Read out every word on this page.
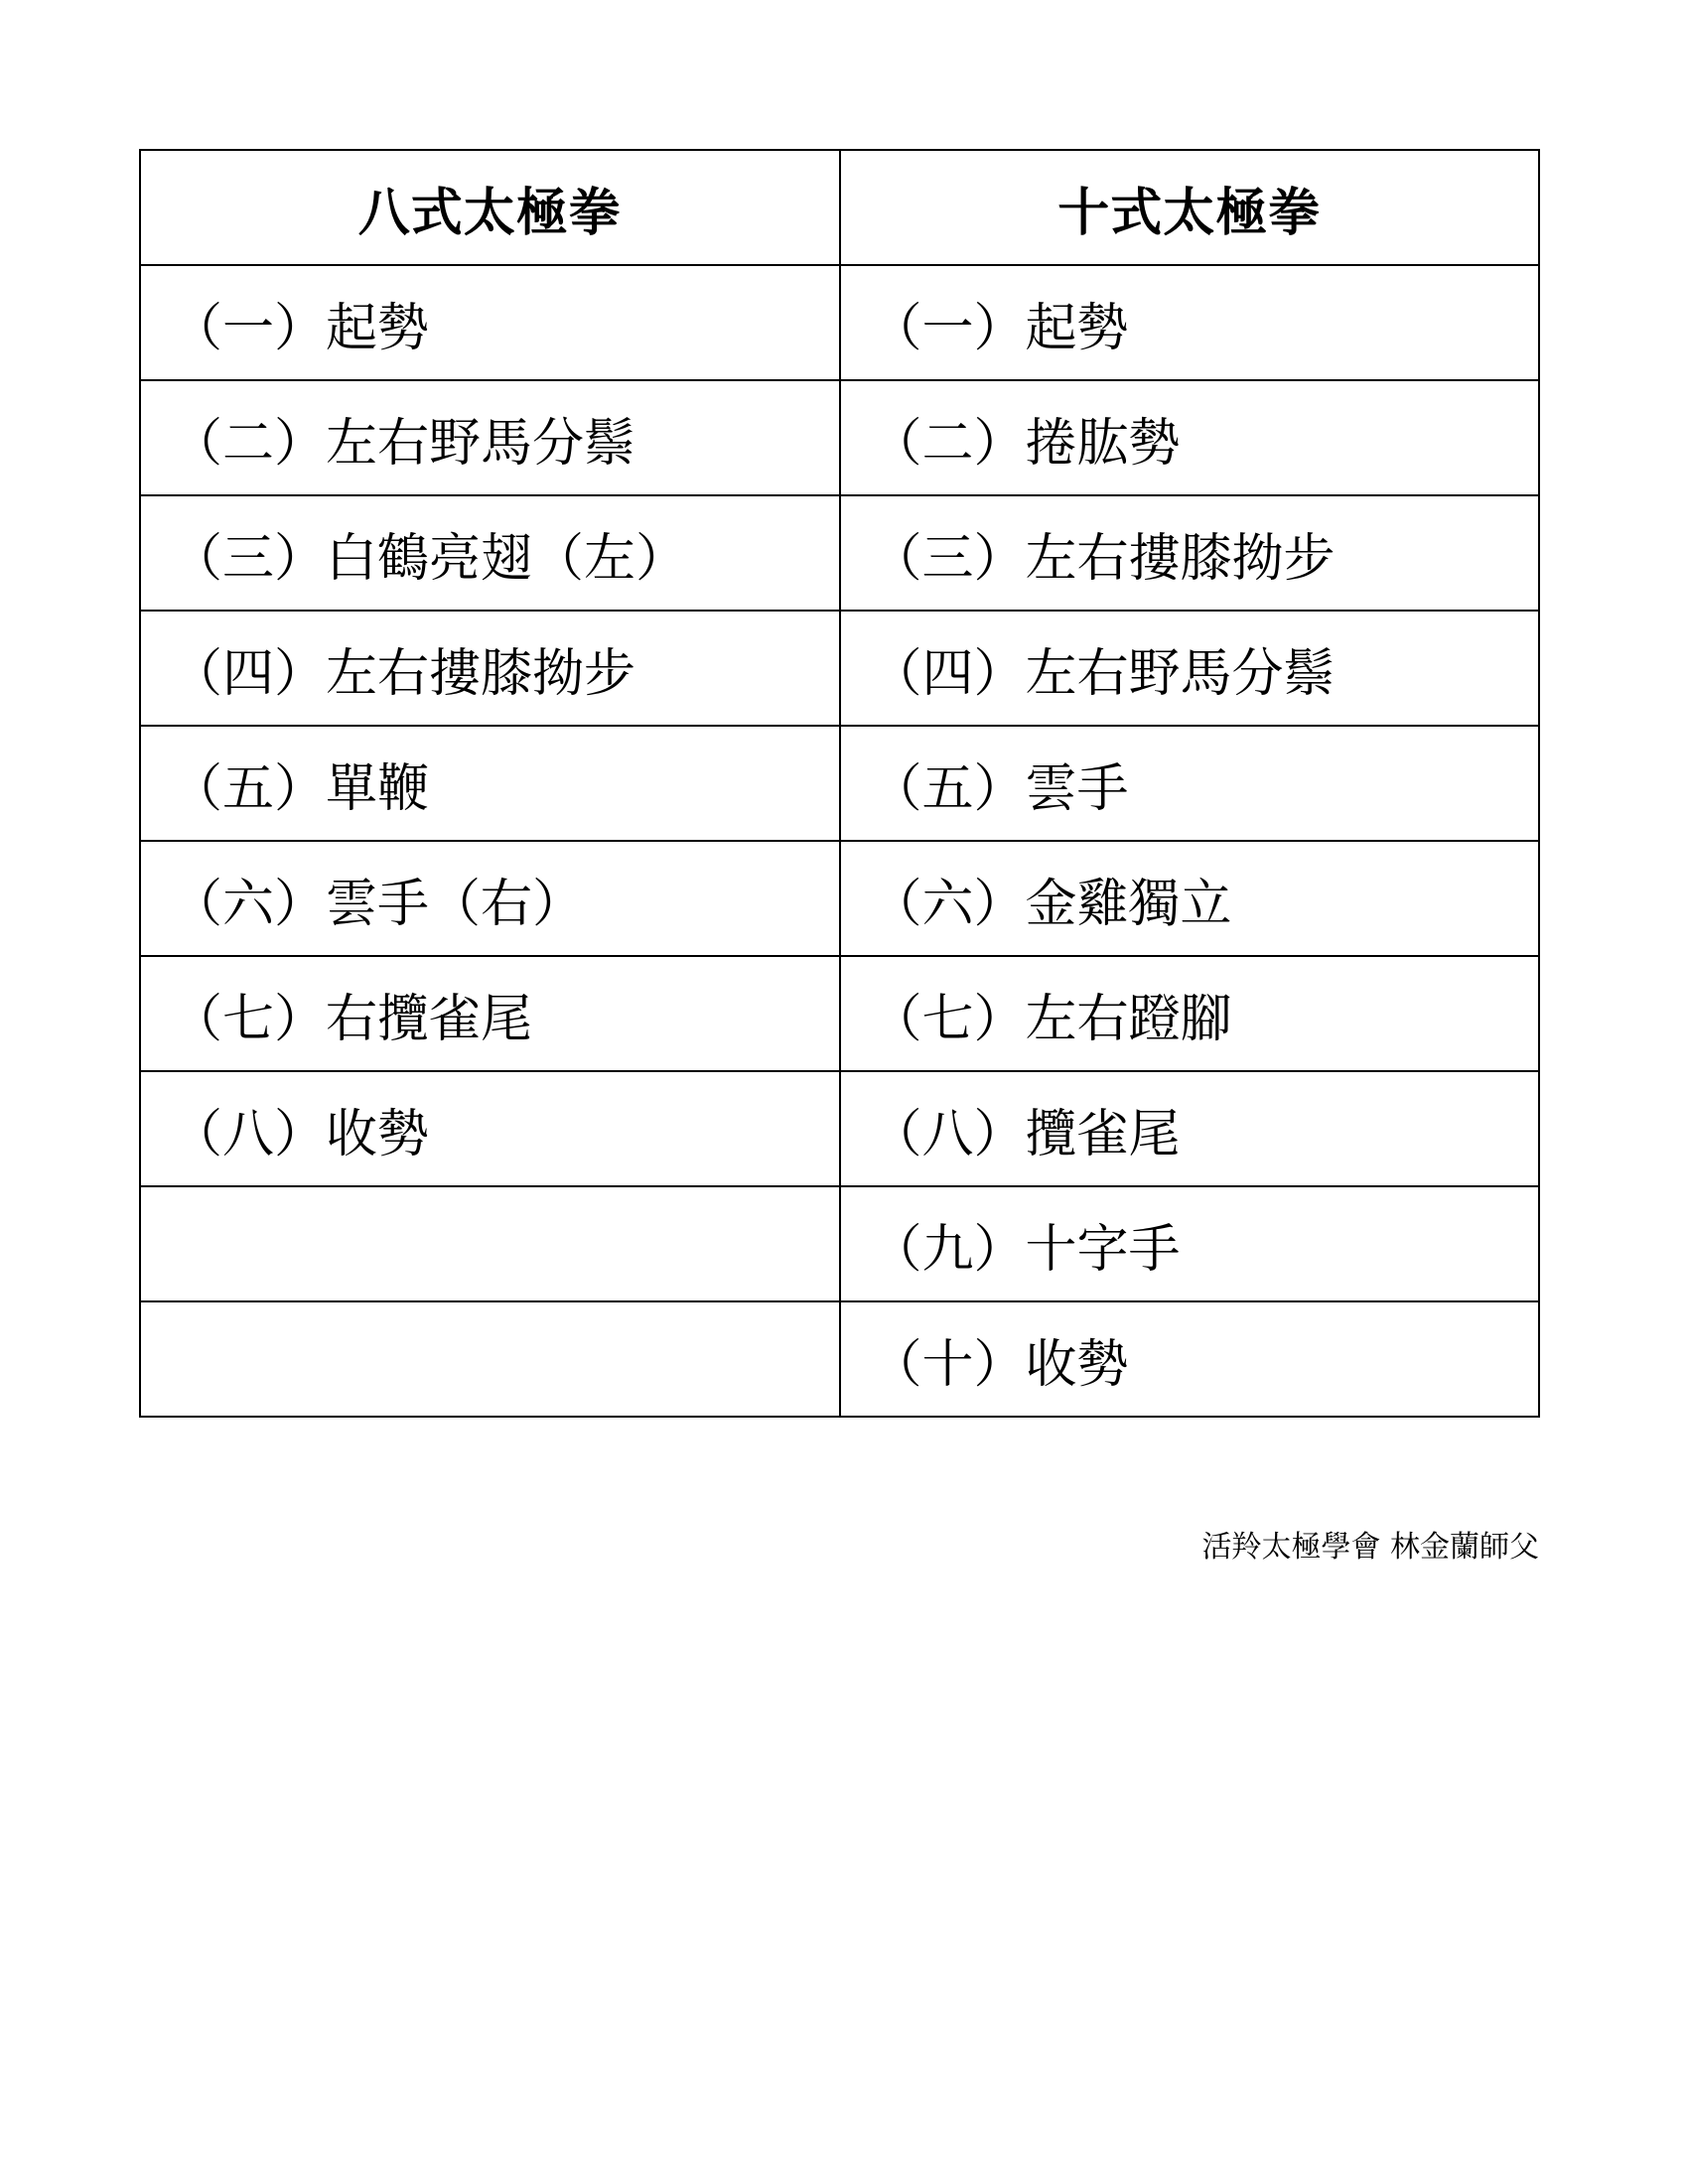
八式太極拳	十式太極拳
（一）起勢	（一）起勢
（二）左右野馬分鬃	（二）捲肱勢
（三）白鶴亮翅（左）	（三）左右摟膝拗步
（四）左右摟膝拗步	（四）左右野馬分鬃
（五）單鞭	（五）雲手
（六）雲手（右）	（六）金雞獨立
（七）右攬雀尾	（七）左右蹬腳
（八）收勢	（八）攬雀尾
	（九）十字手
	（十）收勢
活羚太極學會 林金蘭師父
